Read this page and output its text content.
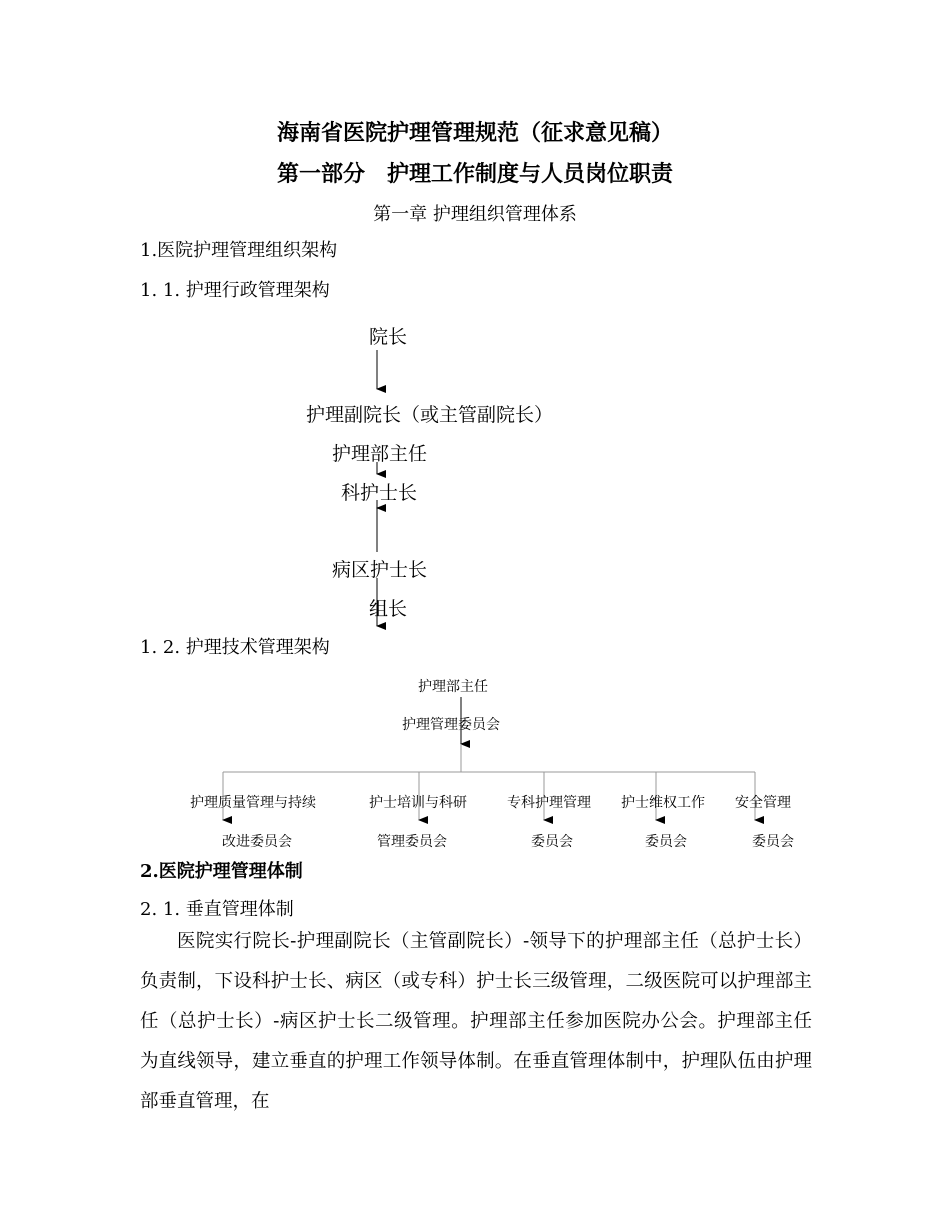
海南省医院护理管理规范（征求意见稿）
第一部分　护理工作制度与人员岗位职责
第一章 护理组织管理体系
1.医院护理管理组织架构
1. 1. 护理行政管理架构
院长
护理副院长（或主管副院长）
护理部主任
科护士长
病区护士长
组长
1. 2. 护理技术管理架构
护理部主任
护理管理委员会
护理质量管理与持续
改进委员会
护士培训与科研
管理委员会
专科护理管理
委员会
护士维权工作
委员会
安全管理
委员会
2.医院护理管理体制
2. 1. 垂直管理体制
医院实行院长-护理副院长（主管副院长）-领导下的护理部主任（总护士长）负责制，下设科护士长、病区（或专科）护士长三级管理，二级医院可以护理部主任（总护士长）-病区护士长二级管理。护理部主任参加医院办公会。护理部主任为直线领导，建立垂直的护理工作领导体制。在垂直管理体制中，护理队伍由护理部垂直管理，在
